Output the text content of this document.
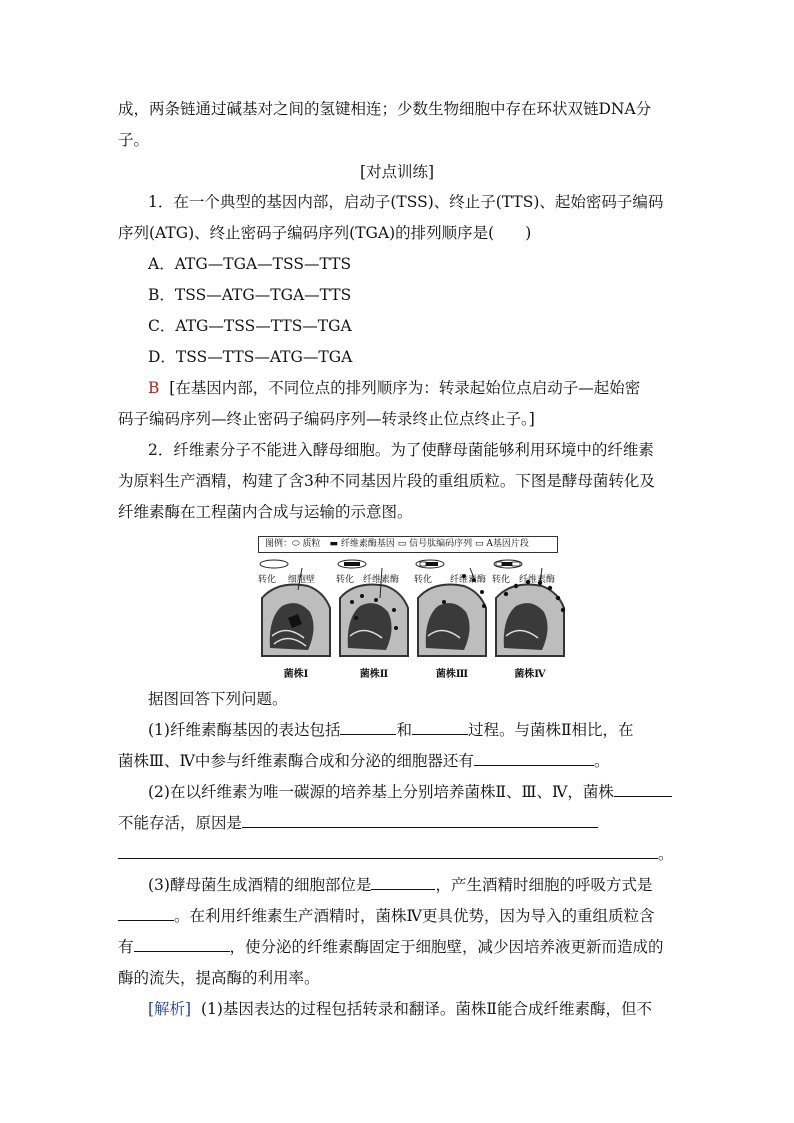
成，两条链通过碱基对之间的氢键相连；少数生物细胞中存在环状双链DNA分
子。
[对点训练]
1．在一个典型的基因内部，启动子(TSS)、终止子(TTS)、起始密码子编码
序列(ATG)、终止密码子编码序列(TGA)的排列顺序是(　　)
A．ATG—TGA—TSS—TTS
B．TSS—ATG—TGA—TTS
C．ATG—TSS—TTS—TGA
D．TSS—TTS—ATG—TGA
B [在基因内部，不同位点的排列顺序为：转录起始位点启动子—起始密
码子编码序列—终止密码子编码序列—转录终止位点终止子。]
2．纤维素分子不能进入酵母细胞。为了使酵母菌能够利用环境中的纤维素
为原料生产酒精，构建了含3种不同基因片段的重组质粒。下图是酵母菌转化及
纤维素酶在工程菌内合成与运输的示意图。
图例：⬭ 质粒　▬ 纤维素酶基因 ▭ 信号肽编码序列 ▭ A基因片段
转化　 细胞壁
菌株Ⅰ
转化　纤维素酶
菌株Ⅱ
转化　　纤维素酶
菌株Ⅲ
转化　纤维素酶
菌株Ⅳ
据图回答下列问题。
(1)纤维素酶基因的表达包括	和	过程。与菌株Ⅱ相比，在
菌株Ⅲ、Ⅳ中参与纤维素酶合成和分泌的细胞器还有	。
(2)在以纤维素为唯一碳源的培养基上分别培养菌株Ⅱ、Ⅲ、Ⅳ，菌株
不能存活，原因是
。
(3)酵母菌生成酒精的细胞部位是	，产生酒精时细胞的呼吸方式是
。在利用纤维素生产酒精时，菌株Ⅳ更具优势，因为导入的重组质粒含
有	，使分泌的纤维素酶固定于细胞壁，减少因培养液更新而造成的
酶的流失，提高酶的利用率。
[解析] (1)基因表达的过程包括转录和翻译。菌株Ⅱ能合成纤维素酶，但不
